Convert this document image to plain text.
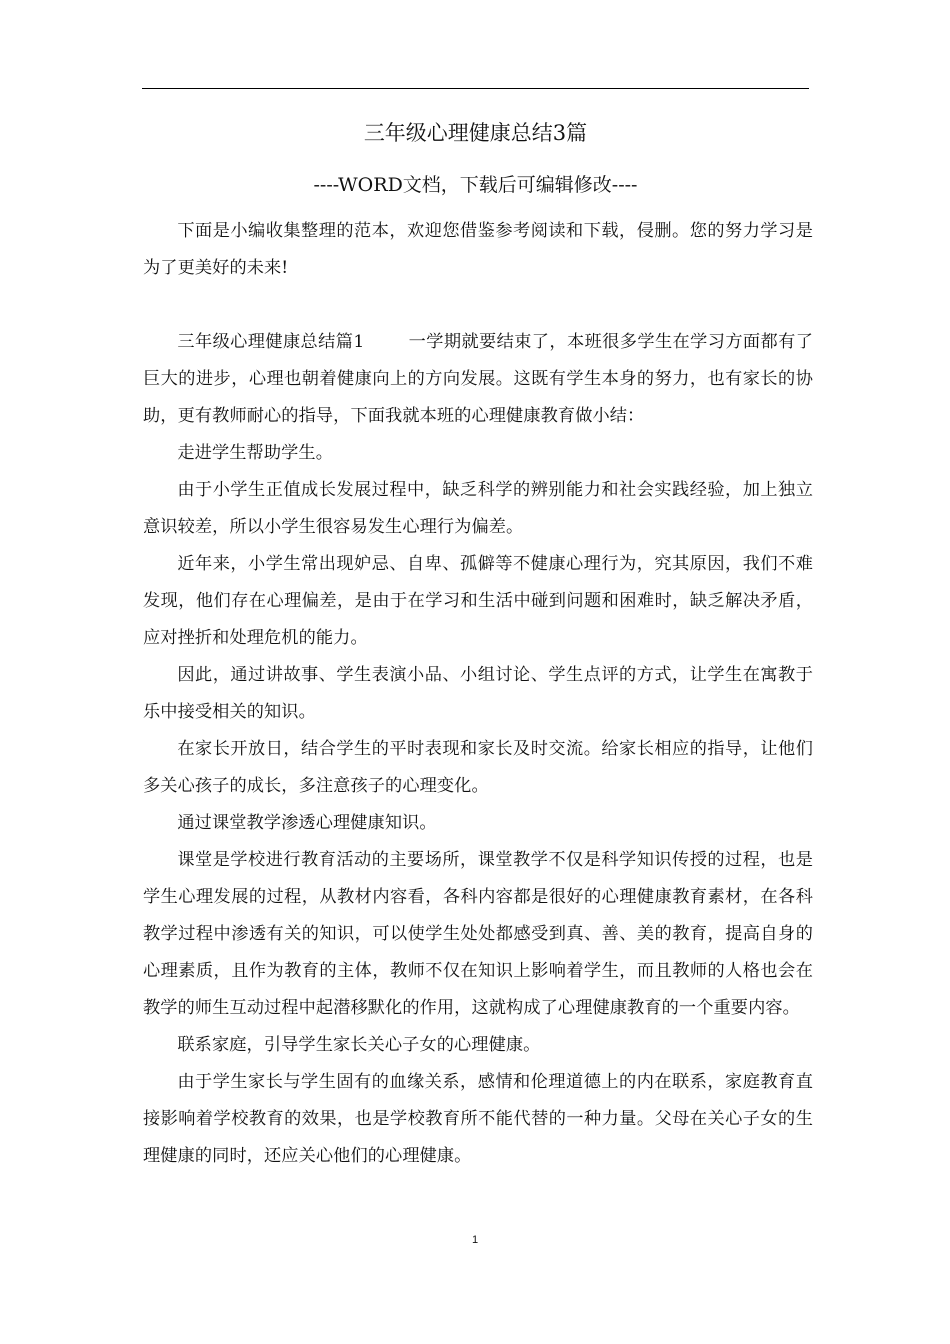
三年级心理健康总结3篇
----WORD文档，下载后可编辑修改----

下面是小编收集整理的范本，欢迎您借鉴参考阅读和下载，侵删。您的努力学习是为了更美好的未来!

三年级心理健康总结篇1	一学期就要结束了，本班很多学生在学习方面都有了巨大的进步，心理也朝着健康向上的方向发展。这既有学生本身的努力，也有家长的协助，更有教师耐心的指导，下面我就本班的心理健康教育做小结：

走进学生帮助学生。

由于小学生正值成长发展过程中，缺乏科学的辨别能力和社会实践经验，加上独立意识较差，所以小学生很容易发生心理行为偏差。

近年来，小学生常出现妒忌、自卑、孤僻等不健康心理行为，究其原因，我们不难发现，他们存在心理偏差，是由于在学习和生活中碰到问题和困难时，缺乏解决矛盾，应对挫折和处理危机的能力。

因此，通过讲故事、学生表演小品、小组讨论、学生点评的方式，让学生在寓教于乐中接受相关的知识。

在家长开放日，结合学生的平时表现和家长及时交流。给家长相应的指导，让他们多关心孩子的成长，多注意孩子的心理变化。

通过课堂教学渗透心理健康知识。

课堂是学校进行教育活动的主要场所，课堂教学不仅是科学知识传授的过程，也是学生心理发展的过程，从教材内容看，各科内容都是很好的心理健康教育素材，在各科教学过程中渗透有关的知识，可以使学生处处都感受到真、善、美的教育，提高自身的心理素质，且作为教育的主体，教师不仅在知识上影响着学生，而且教师的人格也会在教学的师生互动过程中起潜移默化的作用，这就构成了心理健康教育的一个重要内容。

联系家庭，引导学生家长关心子女的心理健康。

由于学生家长与学生固有的血缘关系，感情和伦理道德上的内在联系，家庭教育直接影响着学校教育的效果，也是学校教育所不能代替的一种力量。父母在关心子女的生理健康的同时，还应关心他们的心理健康。

1
